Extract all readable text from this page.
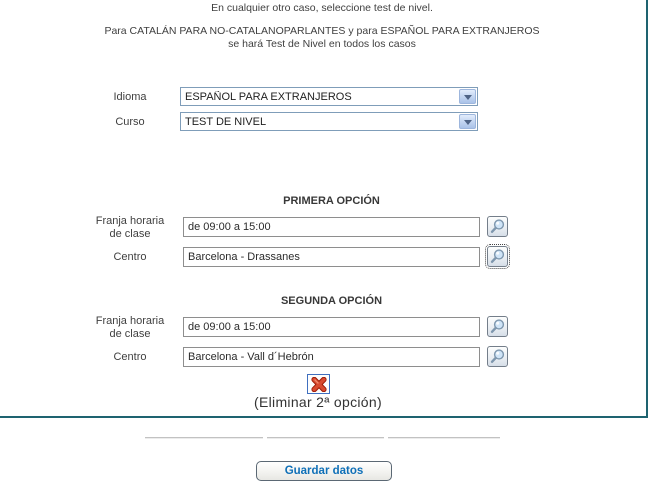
En cualquier otro caso, seleccione test de nivel.
Para CATALÁN PARA NO-CATALANOPARLANTES y para ESPAÑOL PARA EXTRANJEROS
se hará Test de Nivel en todos los casos
Idioma	ESPAÑOL PARA EXTRANJEROS
Curso	TEST DE NIVEL
PRIMERA OPCIÓN
Franja horaria
de clase
de 09:00 a 15:00
Centro
Barcelona - Drassanes
SEGUNDA OPCIÓN
Franja horaria
de clase
de 09:00 a 15:00
Centro
Barcelona - Vall d´Hebrón
(Eliminar 2ª opción)
Guardar datos
